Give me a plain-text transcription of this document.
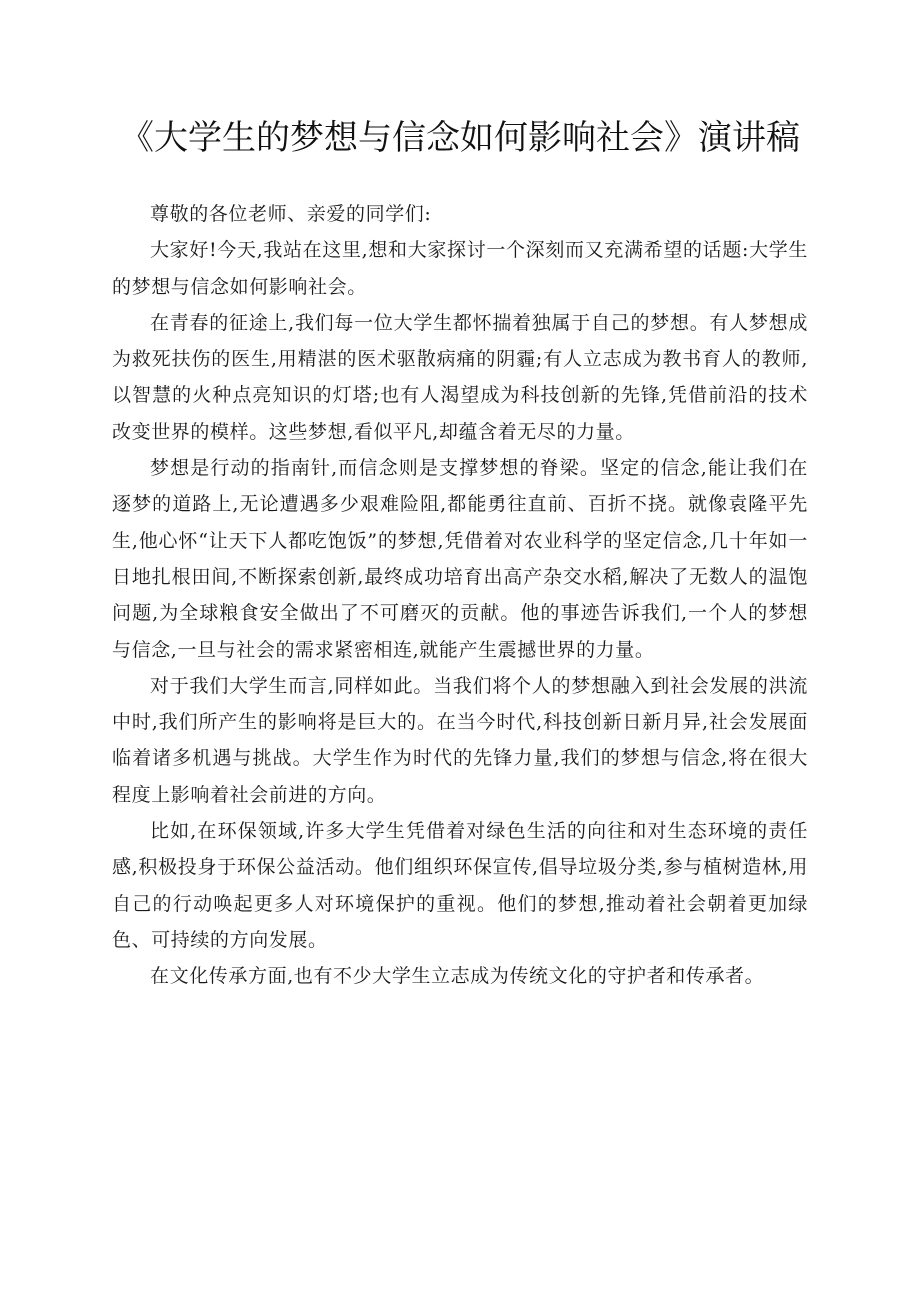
《大学生的梦想与信念如何影响社会》演讲稿

尊敬的各位老师、亲爱的同学们:

大家好!今天,我站在这里,想和大家探讨一个深刻而又充满希望的话题:大学生的梦想与信念如何影响社会。

在青春的征途上,我们每一位大学生都怀揣着独属于自己的梦想。有人梦想成为救死扶伤的医生,用精湛的医术驱散病痛的阴霾;有人立志成为教书育人的教师,以智慧的火种点亮知识的灯塔;也有人渴望成为科技创新的先锋,凭借前沿的技术改变世界的模样。这些梦想,看似平凡,却蕴含着无尽的力量。

梦想是行动的指南针,而信念则是支撑梦想的脊梁。坚定的信念,能让我们在逐梦的道路上,无论遭遇多少艰难险阻,都能勇往直前、百折不挠。就像袁隆平先生,他心怀“让天下人都吃饱饭”的梦想,凭借着对农业科学的坚定信念,几十年如一日地扎根田间,不断探索创新,最终成功培育出高产杂交水稻,解决了无数人的温饱问题,为全球粮食安全做出了不可磨灭的贡献。他的事迹告诉我们,一个人的梦想与信念,一旦与社会的需求紧密相连,就能产生震撼世界的力量。

对于我们大学生而言,同样如此。当我们将个人的梦想融入到社会发展的洪流中时,我们所产生的影响将是巨大的。在当今时代,科技创新日新月异,社会发展面临着诸多机遇与挑战。大学生作为时代的先锋力量,我们的梦想与信念,将在很大程度上影响着社会前进的方向。

比如,在环保领域,许多大学生凭借着对绿色生活的向往和对生态环境的责任感,积极投身于环保公益活动。他们组织环保宣传,倡导垃圾分类,参与植树造林,用自己的行动唤起更多人对环境保护的重视。他们的梦想,推动着社会朝着更加绿色、可持续的方向发展。

在文化传承方面,也有不少大学生立志成为传统文化的守护者和传承者。
